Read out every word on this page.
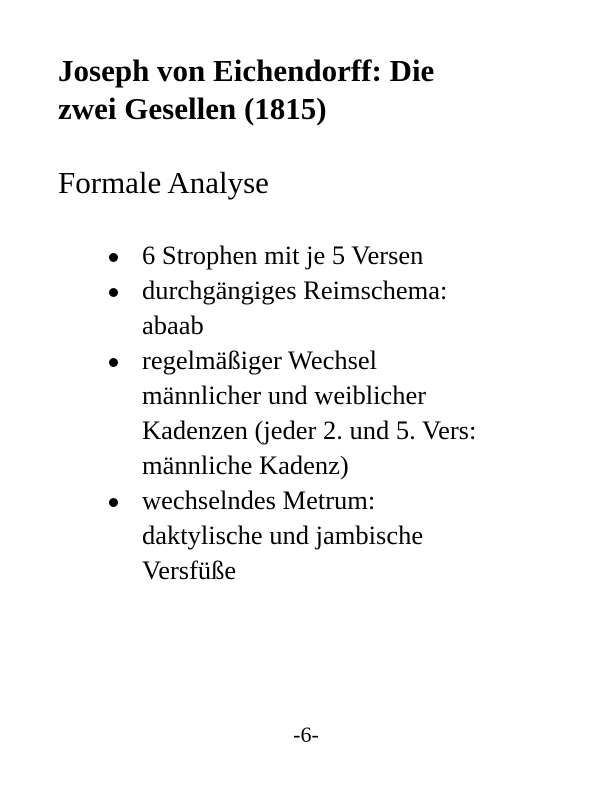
Joseph von Eichendorff: Die
zwei Gesellen (1815)
Formale Analyse
6 Strophen mit je 5 Versen
durchgängiges Reimschema:
abaab
regelmäßiger Wechsel
männlicher und weiblicher
Kadenzen (jeder 2. und 5. Vers:
männliche Kadenz)
wechselndes Metrum:
daktylische und jambische
Versfüße
-6-
